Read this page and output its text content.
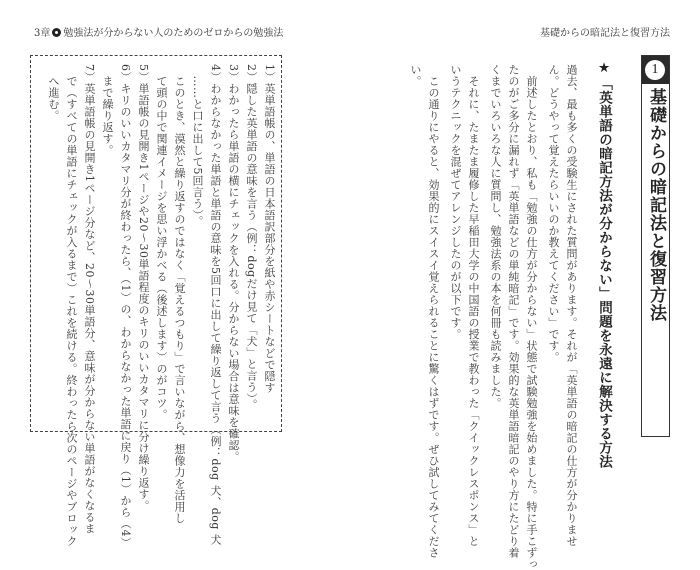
3章 勉強法が分からない人のためのゼロからの勉強法
1）英単語帳の、単語の日本語訳部分を紙や赤シートなどで隠す
2）隠した英単語の意味を言う（例：dogだけ見て「犬」と言う）。
3）わかったら単語の横にチェックを入れる。分からない場合は意味を確認。
4）わからなかった単語と単語の意味を5回口に出して繰り返して言う（例：dog 犬、dog 犬
　……と口に出して5回言う）。
　このとき、漠然と繰り返すのではなく「覚えるつもり」で言いながら、想像力を活用し
　て頭の中で関連イメージを思い浮かべる（後述します）のがコツ。
5）単語帳の見開き1ページや20～30単語程度のキリのいいカタマリに分け繰り返す。
6）キリのいいカタマリ分が終わったら、（1）の、わからなかった単語に戻り（1）から（4）
　まで繰り返す。
7）英単語帳の見開き1ページ分など、20～30単語分、意味が分からない単語がなくなるま
　で（すべての単語にチェックが入るまで）これを続ける。終わったら次のページやブロック
　へ進む。
基礎からの暗記法と復習方法
1
基礎からの暗記法と復習方法
★「英単語の暗記方法が分からない」問題を永遠に解決する方法
過去、最も多くの受験生にされた質問があります。それが「英単語の暗記の仕方が分かりませ
ん。どうやって覚えたらいいのか教えてください」です。
　前述したとおり、私も「勉強の仕方が分からない」状態で試験勉強を始めました。特に手こずっ
たのがご多分に漏れず「英単語などの単純暗記」です。効果的な英単語暗記のやり方にたどり着
くまでいろいろな人に質問し、勉強法系の本を何冊も読みました。
　それに、たまたま履修した早稲田大学の中国語の授業で教わった「クイックレスポンス」と
いうテクニックを混ぜてアレンジしたのが以下です。
　この通りにやると、効果的にスイスイ覚えられることに驚くはずです。ぜひ試してみてくださ
い。
